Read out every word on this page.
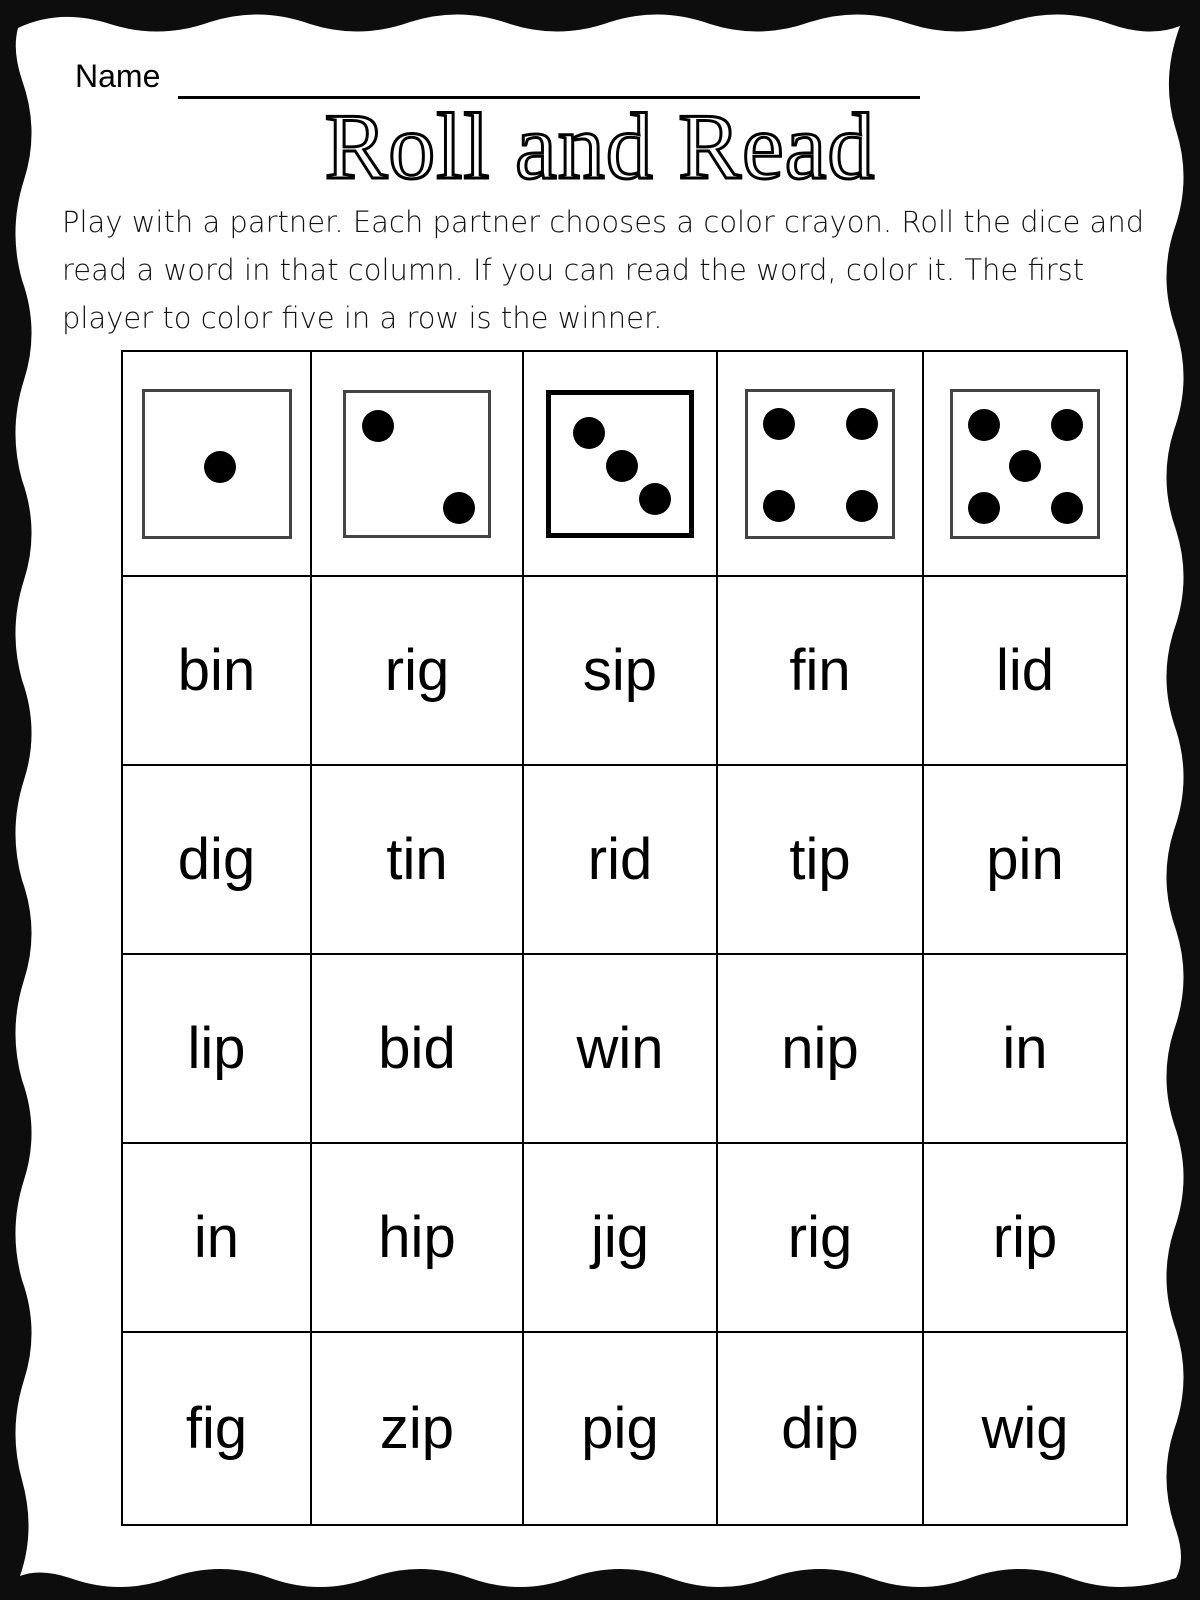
Name
Roll and Read
Play with a partner. Each partner chooses a color crayon. Roll the dice and read a word in that column. If you can read the word, color it. The first player to color five in a row is the winner.
bin rig sip fin	lid
dig tin rid tip pin
lip bid win nip in
in hip jig rig rip
fig zip pig dip wig
